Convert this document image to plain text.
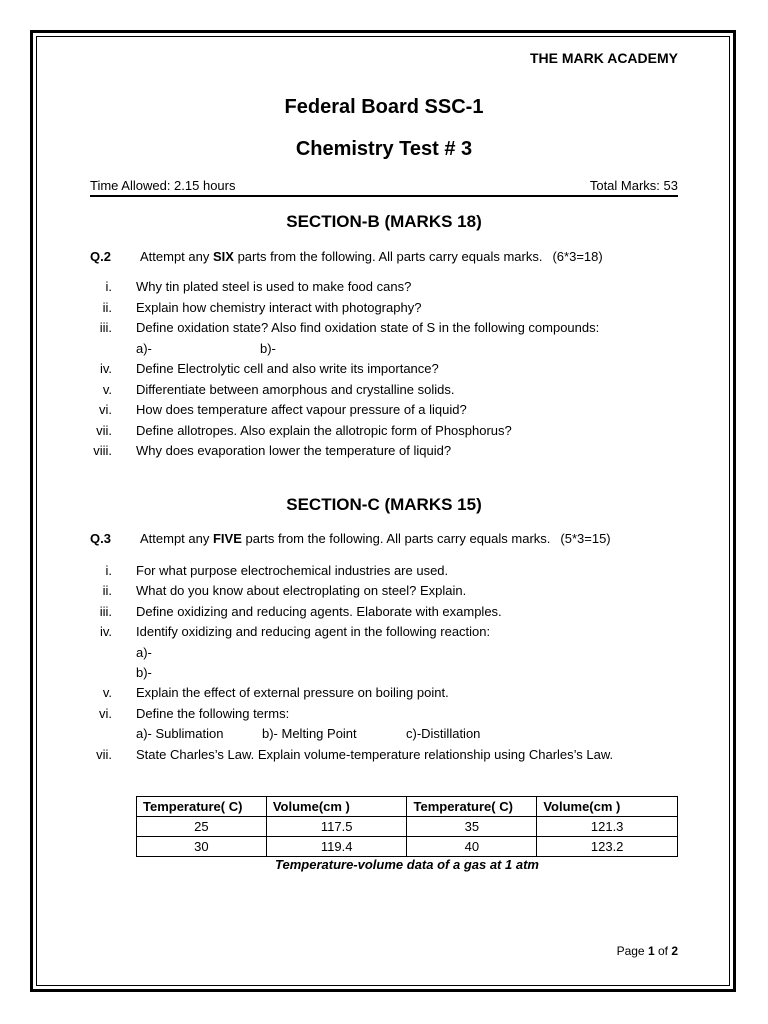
THE MARK ACADEMY
Federal Board SSC-1
Chemistry Test # 3
Time Allowed: 2.15 hours	Total Marks: 53
SECTION-B (MARKS 18)
Q.2 Attempt any SIX parts from the following. All parts carry equals marks. (6*3=18)
i. Why tin plated steel is used to make food cans?
ii. Explain how chemistry interact with photography?
iii. Define oxidation state? Also find oxidation state of S in the following compounds:
a)-	b)-
iv. Define Electrolytic cell and also write its importance?
v. Differentiate between amorphous and crystalline solids.
vi. How does temperature affect vapour pressure of a liquid?
vii. Define allotropes. Also explain the allotropic form of Phosphorus?
viii. Why does evaporation lower the temperature of liquid?
SECTION-C (MARKS 15)
Q.3 Attempt any FIVE parts from the following. All parts carry equals marks. (5*3=15)
i. For what purpose electrochemical industries are used.
ii. What do you know about electroplating on steel? Explain.
iii. Define oxidizing and reducing agents. Elaborate with examples.
iv. Identify oxidizing and reducing agent in the following reaction:
a)-
b)-
v. Explain the effect of external pressure on boiling point.
vi. Define the following terms:
a)- Sublimation	b)- Melting Point	c)-Distillation
vii. State Charles’s Law. Explain volume-temperature relationship using Charles’s Law.
Temperature( C)	Volume(cm )	Temperature( C)	Volume(cm )
25	117.5	35	121.3
30	119.4	40	123.2
Temperature-volume data of a gas at 1 atm
Page 1 of 2
